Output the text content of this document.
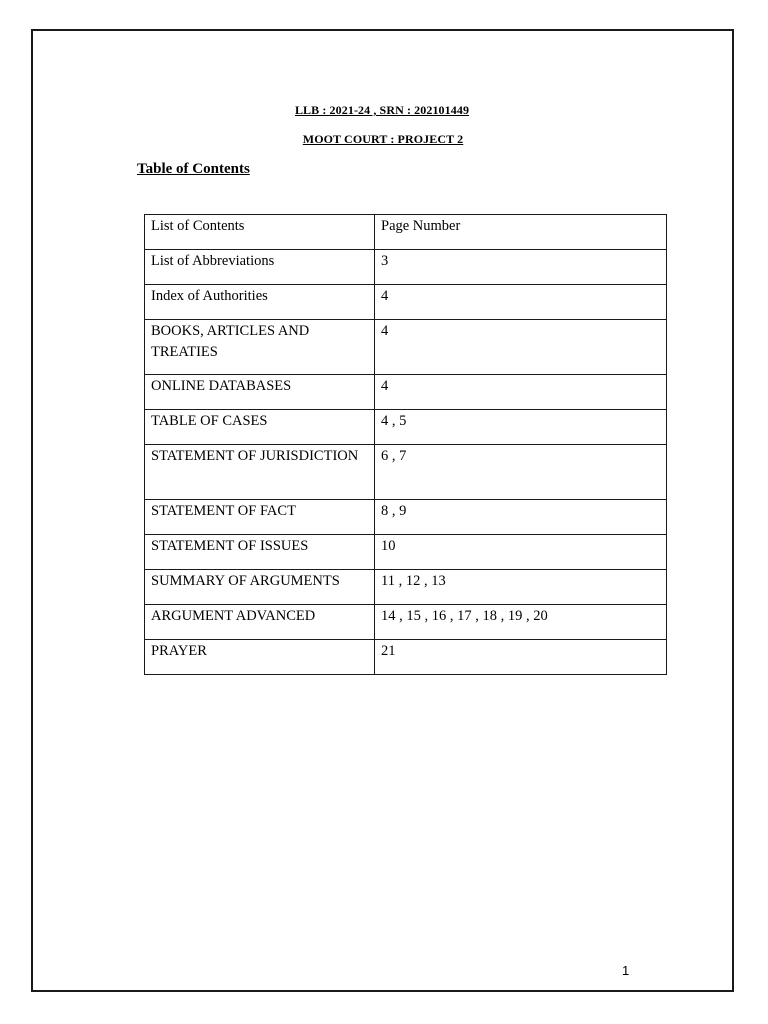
LLB : 2021-24 , SRN : 202101449
MOOT COURT : PROJECT 2
Table of Contents
List of Contents	Page Number
List of Abbreviations	3
Index of Authorities	4
BOOKS, ARTICLES AND TREATIES	4
ONLINE DATABASES	4
TABLE OF CASES	4 , 5
STATEMENT OF JURISDICTION	6 , 7
STATEMENT OF FACT	8 , 9
STATEMENT OF ISSUES	10
SUMMARY OF ARGUMENTS	11 , 12 , 13
ARGUMENT ADVANCED	14 , 15 , 16 , 17 , 18 , 19 , 20
PRAYER	21
1
